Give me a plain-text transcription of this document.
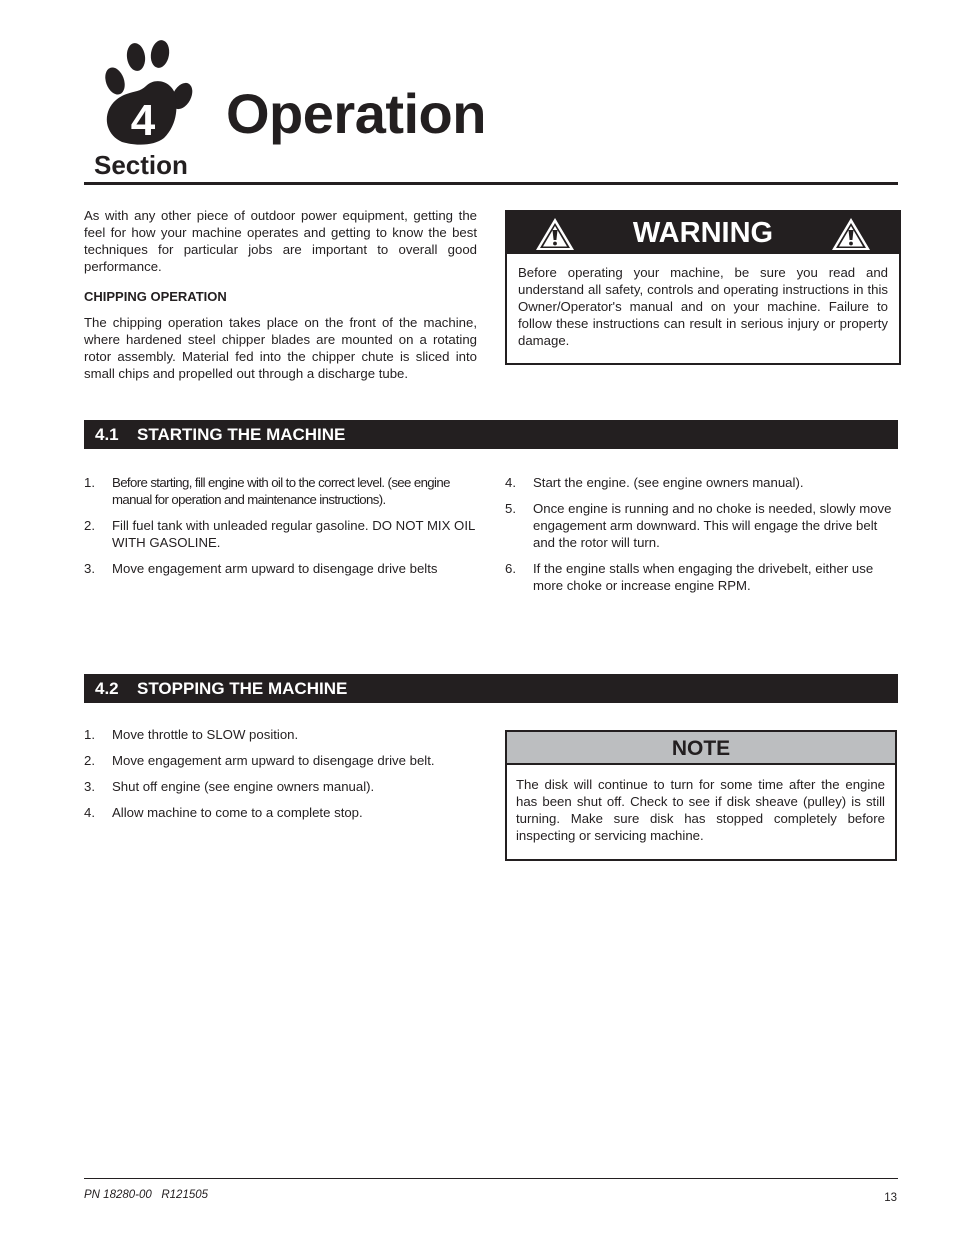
4
Section
Operation

As with any other piece of outdoor power equipment, getting the feel for how your machine operates and getting to know the best techniques for particular jobs are important to overall good performance.

CHIPPING OPERATION

The chipping operation takes place on the front of the machine, where hardened steel chipper blades are mounted on a rotating rotor assembly. Material fed into the chipper chute is sliced into small chips and propelled out through a discharge tube.

WARNING
Before operating your machine, be sure you read and understand all safety, controls and operating instructions in this Owner/Operator's manual and on your machine. Failure to follow these instructions can result in serious injury or property damage.
4.1 STARTING THE MACHINE
1. Before starting, fill engine with oil to the correct level. (see engine manual for operation and maintenance instructions).
2. Fill fuel tank with unleaded regular gasoline. DO NOT MIX OIL WITH GASOLINE.
3. Move engagement arm upward to disengage drive belts
4. Start the engine. (see engine owners manual).
5. Once engine is running and no choke is needed, slowly move engagement arm downward. This will engage the drive belt and the rotor will turn.
6. If the engine stalls when engaging the drivebelt, either use more choke or increase engine RPM.
4.2 STOPPING THE MACHINE
1. Move throttle to SLOW position.
2. Move engagement arm upward to disengage drive belt.
3. Shut off engine (see engine owners manual).
4. Allow machine to come to a complete stop.
NOTE
The disk will continue to turn for some time after the engine has been shut off. Check to see if disk sheave (pulley) is still turning. Make sure disk has stopped completely before inspecting or servicing machine.
PN 18280-00   R121505	13
